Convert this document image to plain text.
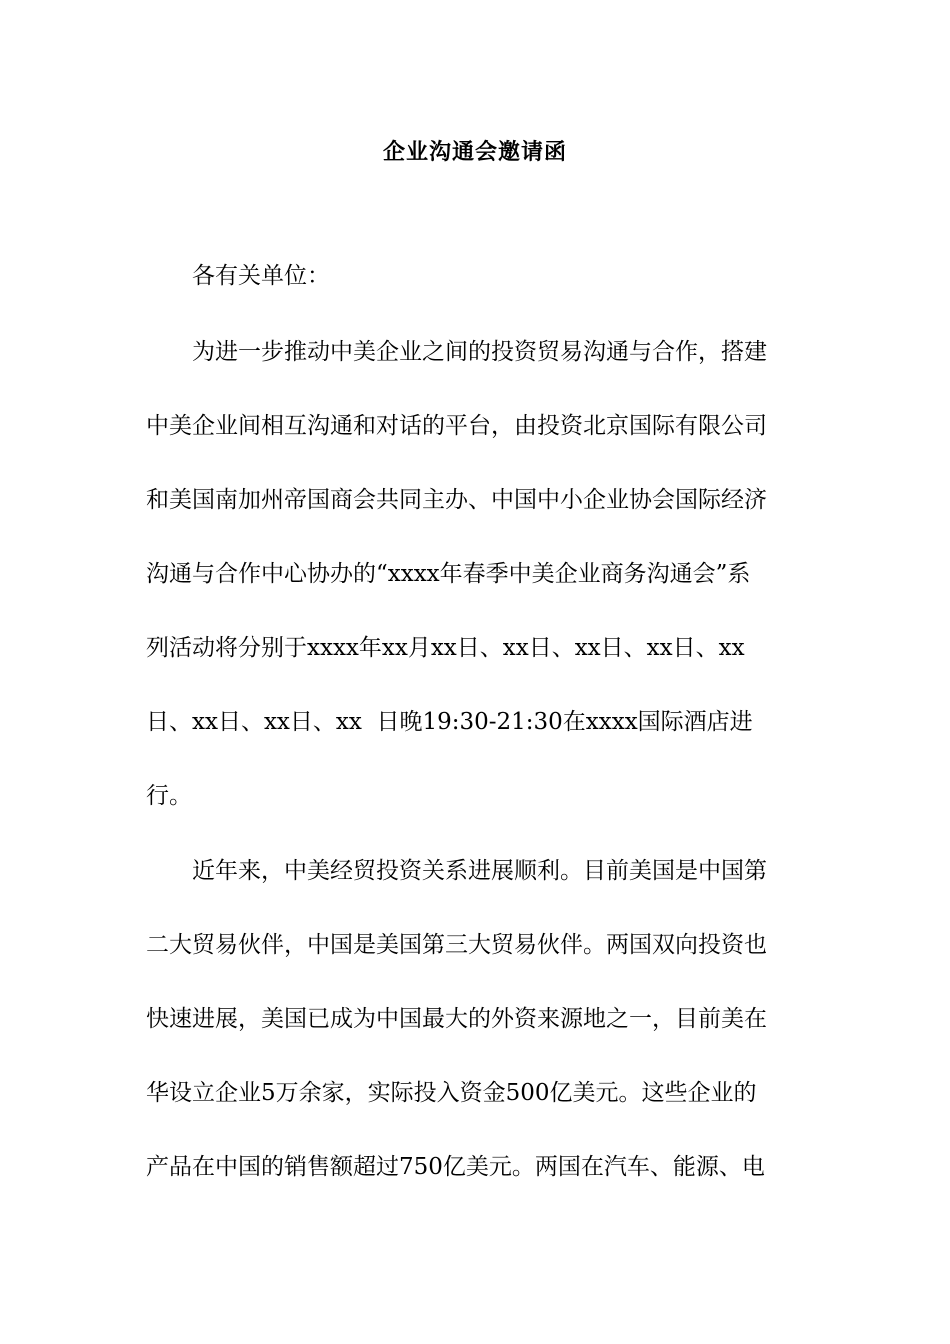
企业沟通会邀请函
各有关单位：
为进一步推动中美企业之间的投资贸易沟通与合作，搭建
中美企业间相互沟通和对话的平台，由投资北京国际有限公司
和美国南加州帝国商会共同主办、中国中小企业协会国际经济
沟通与合作中心协办的“xxxx年春季中美企业商务沟通会”系
列活动将分别于xxxx年xx月xx日、xx日、xx日、xx日、xx
日、xx日、xx日、xx  日晚19:30-21:30在xxxx国际酒店进
行。
近年来，中美经贸投资关系进展顺利。目前美国是中国第
二大贸易伙伴，中国是美国第三大贸易伙伴。两国双向投资也
快速进展，美国已成为中国最大的外资来源地之一，目前美在
华设立企业5万余家，实际投入资金500亿美元。这些企业的
产品在中国的销售额超过750亿美元。两国在汽车、能源、电
